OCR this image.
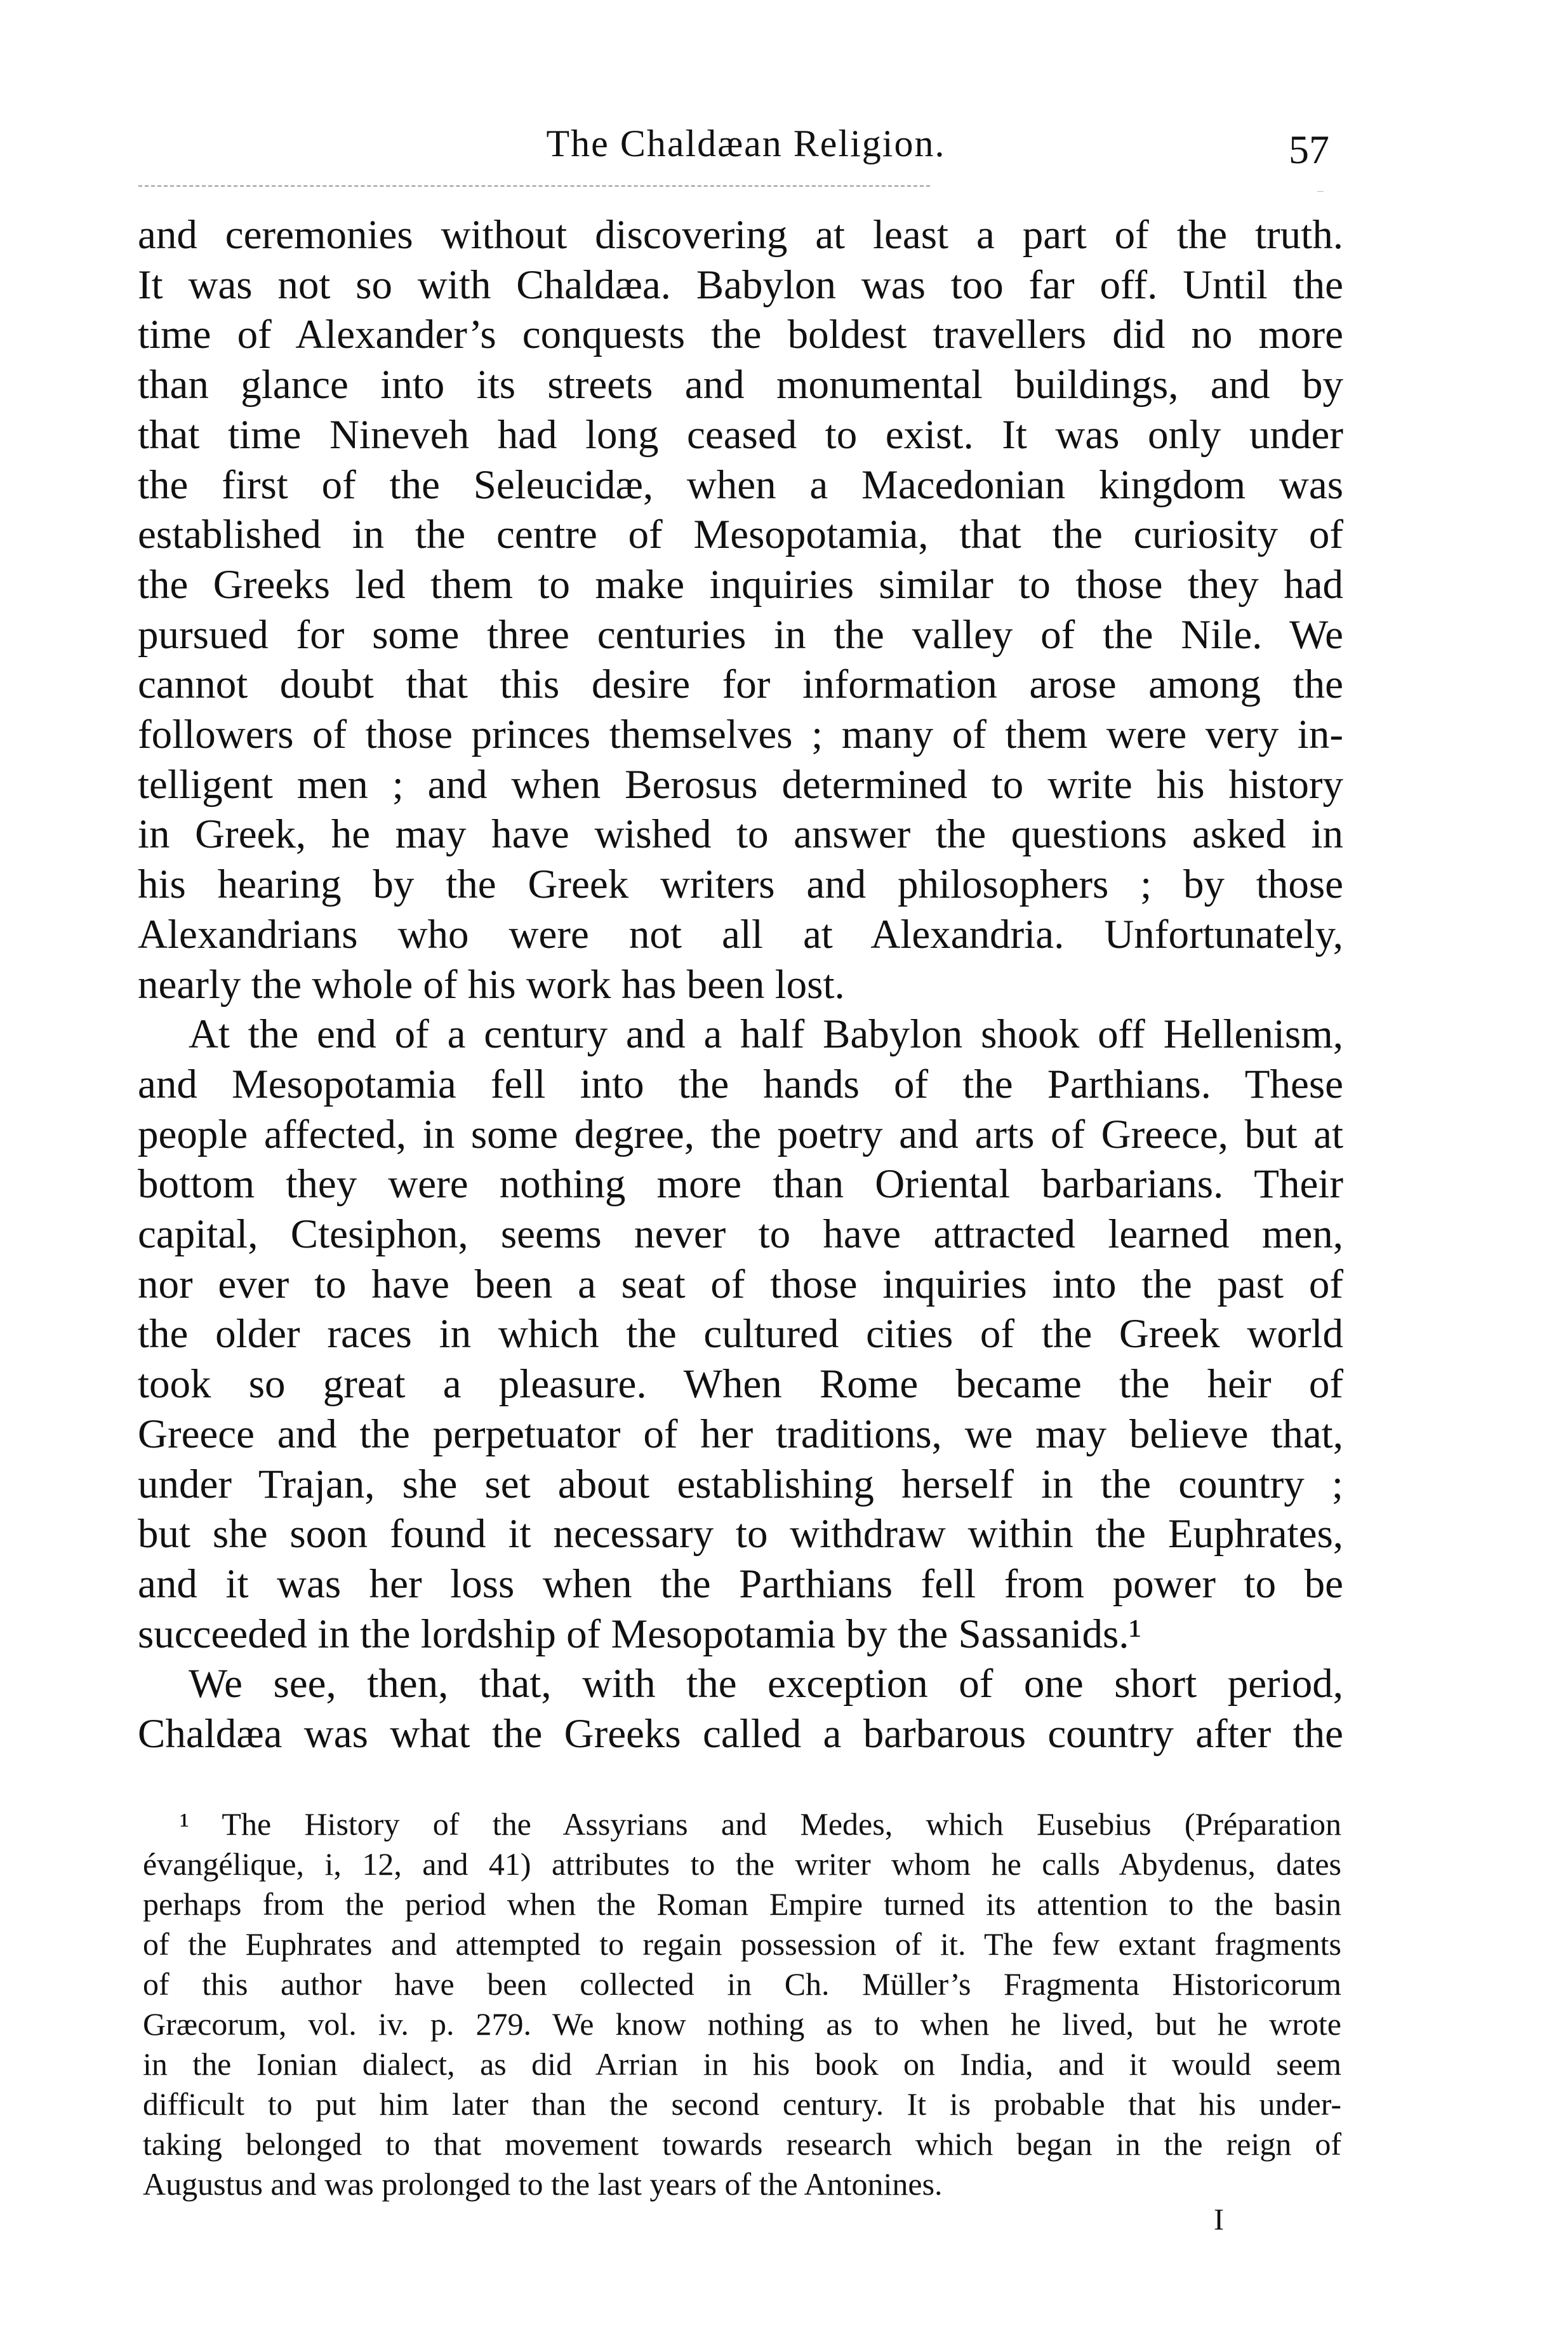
The Chaldæan Religion.	57
and ceremonies without discovering at least a part of the truth.
It was not so with Chaldæa. Babylon was too far off. Until the
time of Alexander’s conquests the boldest travellers did no more
than glance into its streets and monumental buildings, and by
that time Nineveh had long ceased to exist. It was only under
the first of the Seleucidæ, when a Macedonian kingdom was
established in the centre of Mesopotamia, that the curiosity of
the Greeks led them to make inquiries similar to those they had
pursued for some three centuries in the valley of the Nile. We
cannot doubt that this desire for information arose among the
followers of those princes themselves ; many of them were very in-
telligent men ; and when Berosus determined to write his history
in Greek, he may have wished to answer the questions asked in
his hearing by the Greek writers and philosophers ; by those
Alexandrians who were not all at Alexandria. Unfortunately,
nearly the whole of his work has been lost.
At the end of a century and a half Babylon shook off Hellenism,
and Mesopotamia fell into the hands of the Parthians. These
people affected, in some degree, the poetry and arts of Greece, but at
bottom they were nothing more than Oriental barbarians. Their
capital, Ctesiphon, seems never to have attracted learned men,
nor ever to have been a seat of those inquiries into the past of
the older races in which the cultured cities of the Greek world
took so great a pleasure. When Rome became the heir of
Greece and the perpetuator of her traditions, we may believe that,
under Trajan, she set about establishing herself in the country ;
but she soon found it necessary to withdraw within the Euphrates,
and it was her loss when the Parthians fell from power to be
succeeded in the lordship of Mesopotamia by the Sassanids.¹
We see, then, that, with the exception of one short period,
Chaldæa was what the Greeks called a barbarous country after the
¹ The History of the Assyrians and Medes, which Eusebius (Préparation
évangélique, i, 12, and 41) attributes to the writer whom he calls Abydenus, dates
perhaps from the period when the Roman Empire turned its attention to the basin
of the Euphrates and attempted to regain possession of it. The few extant fragments
of this author have been collected in Ch. Müller’s Fragmenta Historicorum
Græcorum, vol. iv. p. 279. We know nothing as to when he lived, but he wrote
in the Ionian dialect, as did Arrian in his book on India, and it would seem
difficult to put him later than the second century. It is probable that his under-
taking belonged to that movement towards research which began in the reign of
Augustus and was prolonged to the last years of the Antonines.
I
